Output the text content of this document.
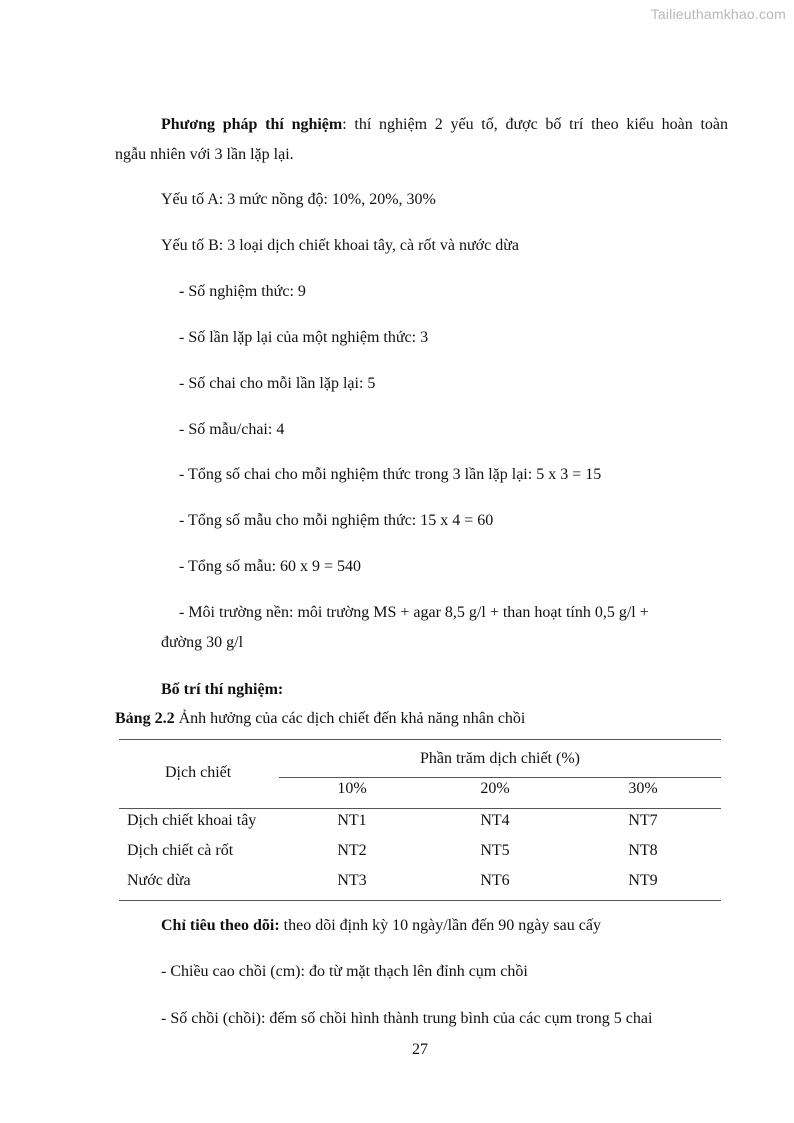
Tailieuthamkhao.com
Phương pháp thí nghiệm: thí nghiệm 2 yếu tố, được bố trí theo kiểu hoàn toàn
ngẫu nhiên với 3 lần lặp lại.
Yếu tố A: 3 mức nồng độ: 10%, 20%, 30%
Yếu tố B: 3 loại dịch chiết khoai tây, cà rốt và nước dừa
- Số nghiệm thức: 9
- Số lần lặp lại của một nghiệm thức: 3
- Số chai cho mỗi lần lặp lại: 5
- Số mẫu/chai: 4
- Tổng số chai cho mỗi nghiệm thức trong 3 lần lặp lại: 5 x 3 = 15
- Tổng số mẫu cho mỗi nghiệm thức: 15 x 4 = 60
- Tổng số mẫu: 60 x 9 = 540
- Môi trường nền: môi trường MS + agar 8,5 g/l + than hoạt tính 0,5 g/l +
đường 30 g/l
Bố trí thí nghiệm:
Bảng 2.2 Ảnh hưởng của các dịch chiết đến khả năng nhân chồi
Dịch chiết
Phần trăm dịch chiết (%)
10%	20%	30%
Dịch chiết khoai tây	NT1	NT4	NT7
Dịch chiết cà rốt	NT2	NT5	NT8
Nước dừa	NT3	NT6	NT9
Chỉ tiêu theo dõi: theo dõi định kỳ 10 ngày/lần đến 90 ngày sau cấy
- Chiều cao chồi (cm): đo từ mặt thạch lên đỉnh cụm chồi
- Số chồi (chồi): đếm số chồi hình thành trung bình của các cụm trong 5 chai
27
